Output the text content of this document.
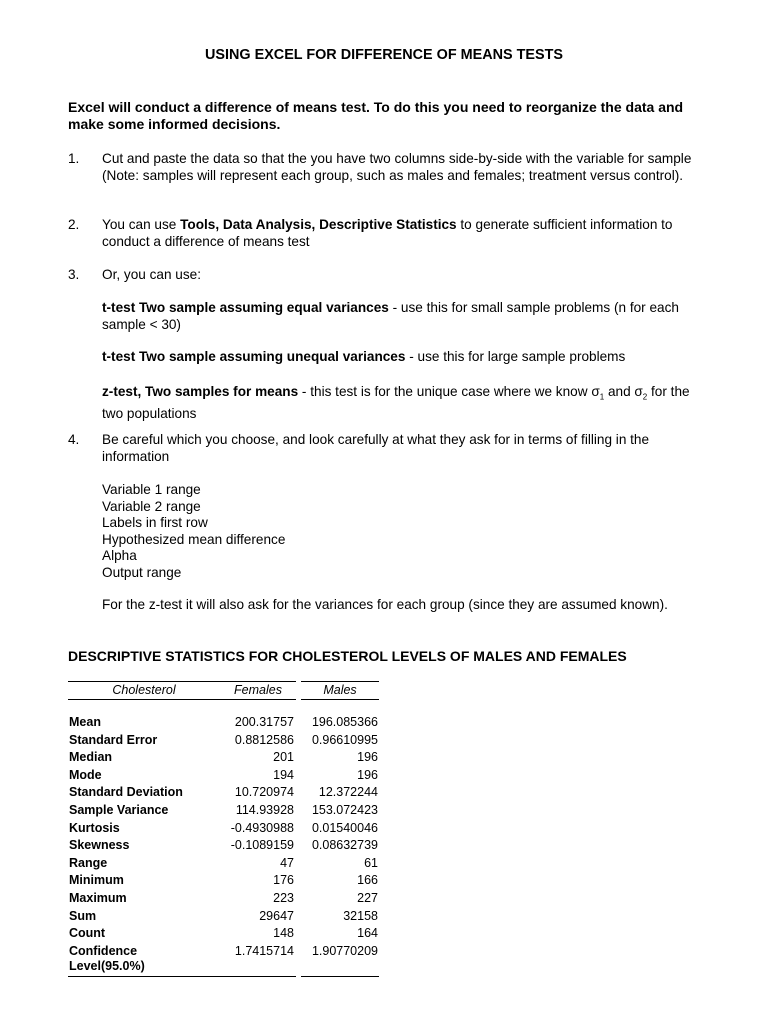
USING EXCEL FOR DIFFERENCE OF MEANS TESTS
Excel will conduct a difference of means test. To do this you need to reorganize the data and make some informed decisions.
1. Cut and paste the data so that the you have two columns side-by-side with the variable for sample (Note: samples will represent each group, such as males and females; treatment versus control).
2. You can use Tools, Data Analysis, Descriptive Statistics to generate sufficient information to conduct a difference of means test
3. Or, you can use:
t-test Two sample assuming equal variances - use this for small sample problems (n for each sample < 30)
t-test Two sample assuming unequal variances - use this for large sample problems
z-test, Two samples for means - this test is for the unique case where we know $\sigma_1$ and $\sigma_2$ for the two populations
4. Be careful which you choose, and look carefully at what they ask for in terms of filling in the information
Variable 1 range
Variable 2 range
Labels in first row
Hypothesized mean difference
Alpha
Output range
For the z-test it will also ask for the variances for each group (since they are assumed known).
DESCRIPTIVE STATISTICS FOR CHOLESTEROL LEVELS OF MALES AND FEMALES
Cholesterol	Females		Males
Mean	200.31757		196.085366
Standard Error	0.8812586		0.96610995
Median	201		196
Mode	194		196
Standard Deviation	10.720974		12.372244
Sample Variance	114.93928		153.072423
Kurtosis	-0.4930988		0.01540046
Skewness	-0.1089159		0.08632739
Range	47		61
Minimum	176		166
Maximum	223		227
Sum	29647		32158
Count	148		164
Confidence
Level(95.0%)	1.7415714		1.90770209
